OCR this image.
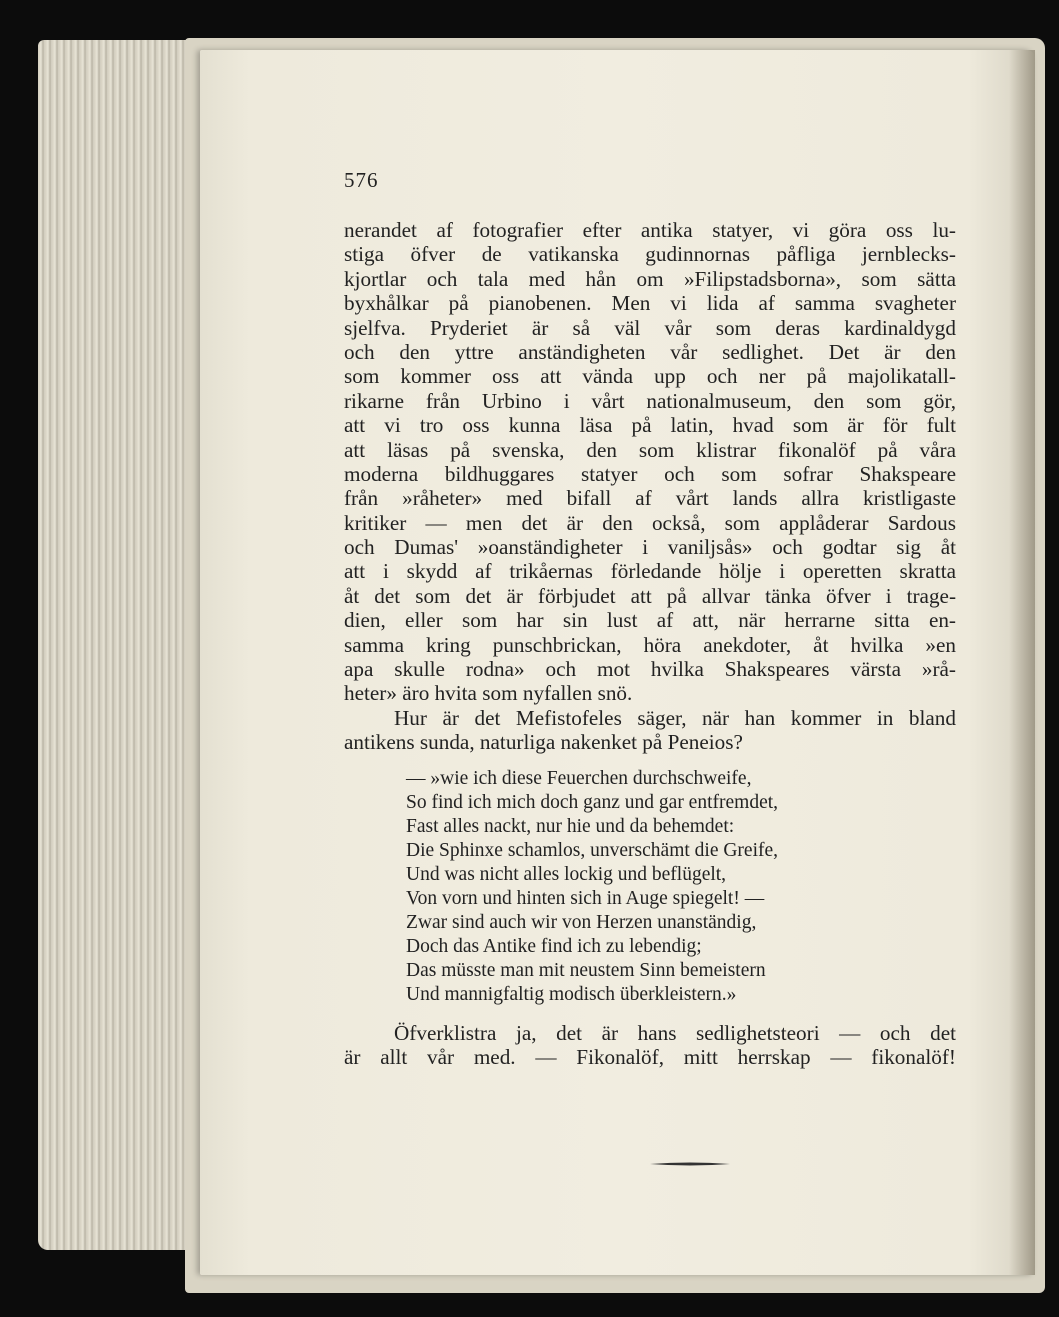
576
nerandet af fotografier efter antika statyer, vi göra oss lu-
stiga öfver de vatikanska gudinnornas påfliga jernblecks-
kjortlar och tala med hån om »Filipstadsborna», som sätta
byxhålkar på pianobenen. Men vi lida af samma svagheter
sjelfva. Pryderiet är så väl vår som deras kardinaldygd
och den yttre anständigheten vår sedlighet. Det är den
som kommer oss att vända upp och ner på majolikatall-
rikarne från Urbino i vårt nationalmuseum, den som gör,
att vi tro oss kunna läsa på latin, hvad som är för fult
att läsas på svenska, den som klistrar fikonalöf på våra
moderna bildhuggares statyer och som sofrar Shakspeare
från »råheter» med bifall af vårt lands allra kristligaste
kritiker — men det är den också, som applåderar Sardous
och Dumas' »oanständigheter i vaniljsås» och godtar sig åt
att i skydd af trikåernas förledande hölje i operetten skratta
åt det som det är förbjudet att på allvar tänka öfver i trage-
dien, eller som har sin lust af att, när herrarne sitta en-
samma kring punschbrickan, höra anekdoter, åt hvilka »en
apa skulle rodna» och mot hvilka Shakspeares värsta »rå-
heter» äro hvita som nyfallen snö.
Hur är det Mefistofeles säger, när han kommer in bland
antikens sunda, naturliga nakenket på Peneios?
— »wie ich diese Feuerchen durchschweife,
So find ich mich doch ganz und gar entfremdet,
Fast alles nackt, nur hie und da behemdet:
Die Sphinxe schamlos, unverschämt die Greife,
Und was nicht alles lockig und beflügelt,
Von vorn und hinten sich in Auge spiegelt! —
Zwar sind auch wir von Herzen unanständig,
Doch das Antike find ich zu lebendig;
Das müsste man mit neustem Sinn bemeistern
Und mannigfaltig modisch überkleistern.»
Öfverklistra ja, det är hans sedlighetsteori — och det
är allt vår med. — Fikonalöf, mitt herrskap — fikonalöf!
